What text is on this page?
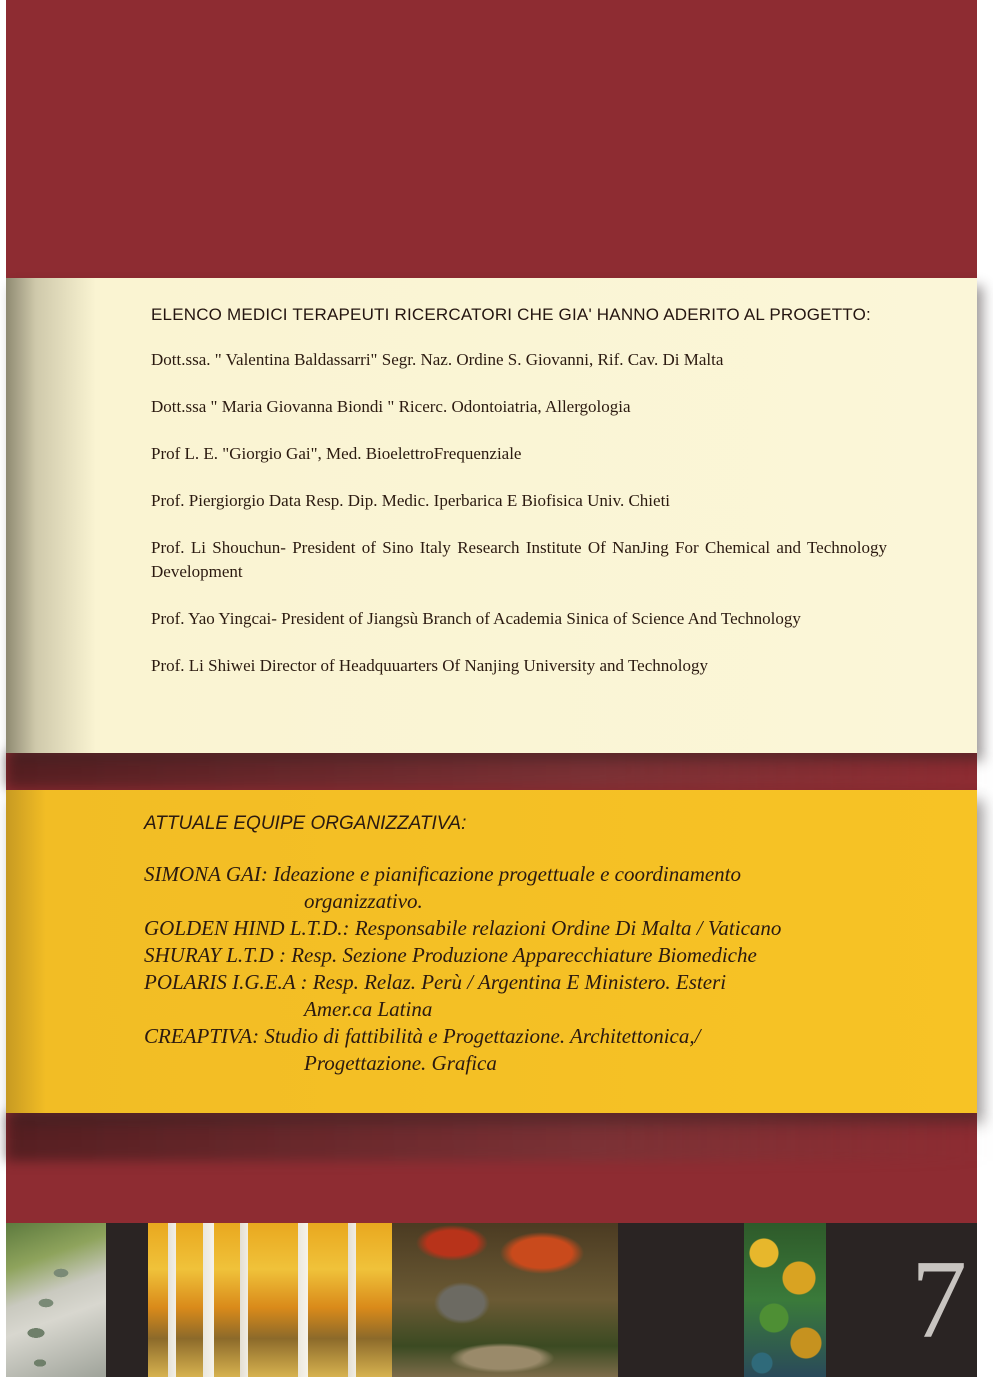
ELENCO MEDICI TERAPEUTI RICERCATORI CHE GIA' HANNO ADERITO AL PROGETTO:
Dott.ssa. " Valentina Baldassarri" Segr. Naz. Ordine S. Giovanni, Rif. Cav. Di Malta
Dott.ssa " Maria Giovanna Biondi " Ricerc. Odontoiatria, Allergologia
Prof L. E. "Giorgio Gai", Med. BioelettroFrequenziale
Prof. Piergiorgio Data Resp. Dip. Medic. Iperbarica E Biofisica Univ. Chieti
Prof. Li Shouchun- President of Sino Italy Research Institute Of NanJing For Chemical and Technology Development
Prof. Yao Yingcai- President of Jiangsù Branch of Academia Sinica of Science And Technology
Prof. Li Shiwei Director of Headquuarters Of Nanjing University and Technology
ATTUALE EQUIPE ORGANIZZATIVA:

SIMONA GAI: Ideazione e pianificazione progettuale e coordinamento
organizzativo.

GOLDEN HIND L.T.D.: Responsabile relazioni Ordine Di Malta / Vaticano

SHURAY L.T.D : Resp. Sezione Produzione Apparecchiature Biomediche

POLARIS I.G.E.A : Resp. Relaz. Perù / Argentina E Ministero. Esteri
Amer.ca Latina

CREAPTIVA: Studio di fattibilità e Progettazione. Architettonica,/
Progettazione. Grafica

7
